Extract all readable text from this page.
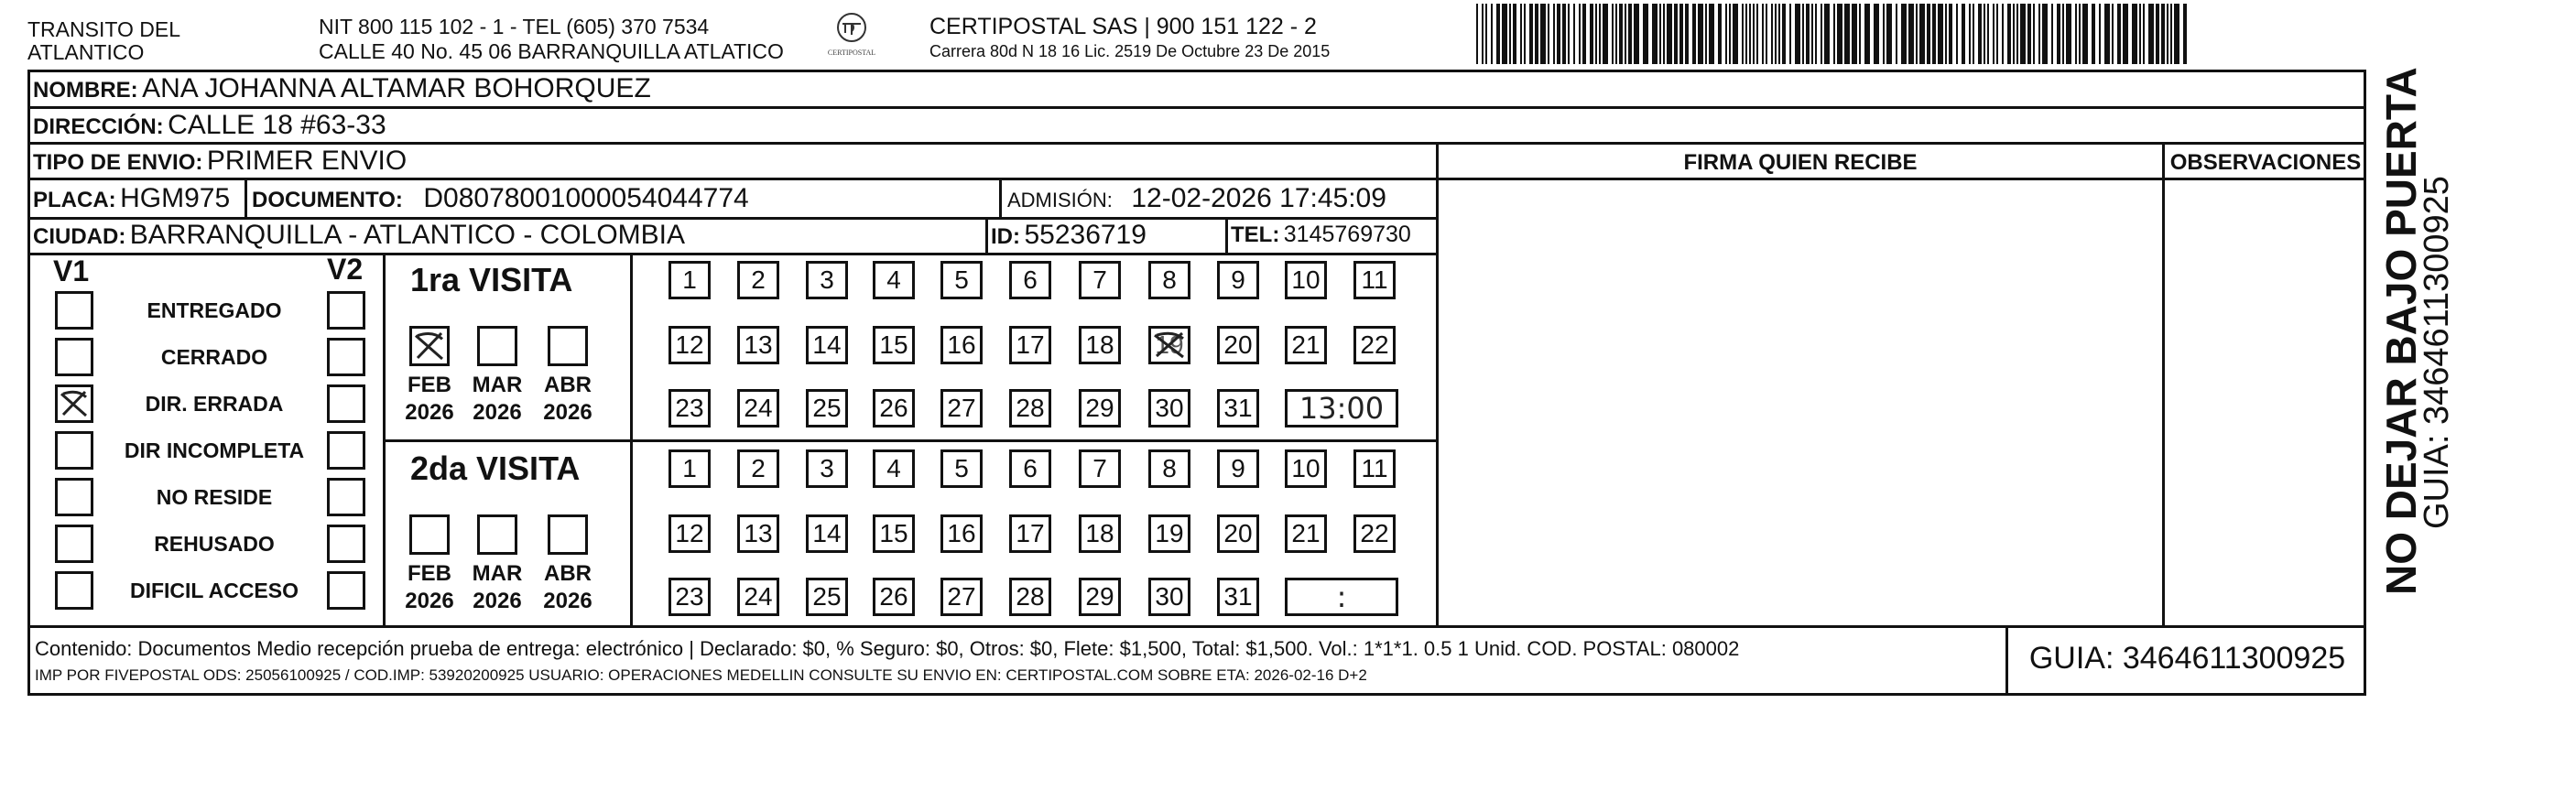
TRANSITO DEL
ATLANTICO
NIT 800 115 102 - 1 - TEL (605) 370 7534
CALLE 40 No. 45 06 BARRANQUILLA ATLATICO	CERTIPOSTAL
CERTIPOSTAL SAS | 900 151 122 - 2
Carrera 80d N 18 16 Lic. 2519 De Octubre 23 De 2015
NOMBRE: ANA JOHANNA ALTAMAR BOHORQUEZ
DIRECCIÓN: CALLE 18 #63-33
TIPO DE ENVIO: PRIMER ENVIO
PLACA: HGM975 DOCUMENTO: D08078001000054044774	ADMISIÓN: 12-02-2026 17:45:09
CIUDAD: BARRANQUILLA - ATLANTICO - COLOMBIA	ID: 55236719	TEL: 3145769730
FIRMA QUIEN RECIBE	OBSERVACIONES
V1	V2
ENTREGADO
CERRADO
DIR. ERRADA
DIR INCOMPLETA
NO RESIDE
REHUSADO
DIFICIL ACCESO
1ra VISITA
FEB
2026
MAR
2026
ABR
2026
1	2	3	4	5	6	7	8	9	10	11
12 13 14 15 16 17 18 19 20 21 22
23 24 25 26 27 28 29 30 31	13:00
2da VISITA
FEB
2026
MAR
2026
ABR
2026
1	2	3	4	5	6	7	8	9	10	11
12 13 14 15 16 17 18 19 20 21 22
23 24 25 26 27 28 29 30 31	:
Contenido: Documentos Medio recepción prueba de entrega: electrónico | Declarado: $0, % Seguro: $0, Otros: $0, Flete: $1,500, Total: $1,500. Vol.: 1*1*1. 0.5 1 Unid. COD. POSTAL: 080002
IMP POR FIVEPOSTAL ODS: 25056100925 / COD.IMP: 53920200925 USUARIO: OPERACIONES MEDELLIN CONSULTE SU ENVIO EN: CERTIPOSTAL.COM SOBRE ETA: 2026-02-16 D+2	GUIA: 3464611300925
NO DEJAR BAJO PUERTA
GUIA: 3464611300925
